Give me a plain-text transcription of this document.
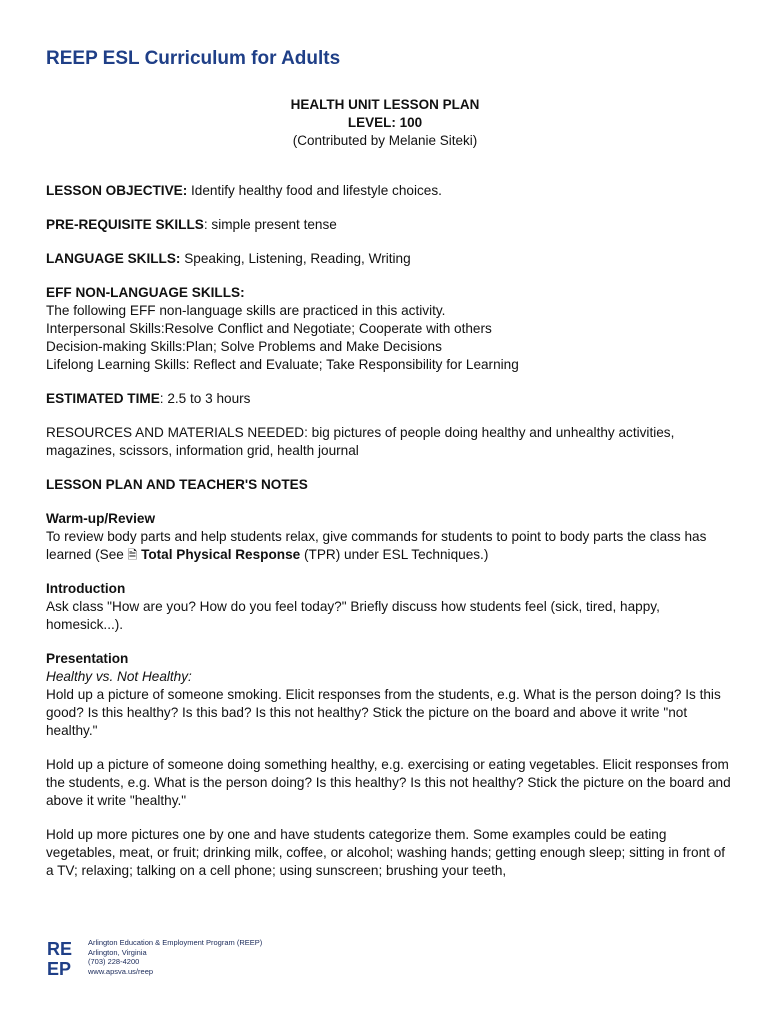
REEP ESL Curriculum for Adults
HEALTH UNIT LESSON PLAN
LEVEL: 100
(Contributed by Melanie Siteki)

LESSON OBJECTIVE: Identify healthy food and lifestyle choices.

PRE-REQUISITE SKILLS: simple present tense

LANGUAGE SKILLS: Speaking, Listening, Reading, Writing

EFF NON-LANGUAGE SKILLS:
The following EFF non-language skills are practiced in this activity.
Interpersonal Skills:Resolve Conflict and Negotiate; Cooperate with others
Decision-making Skills:Plan; Solve Problems and Make Decisions
Lifelong Learning Skills: Reflect and Evaluate; Take Responsibility for Learning

ESTIMATED TIME: 2.5 to 3 hours

RESOURCES AND MATERIALS NEEDED: big pictures of people doing healthy and unhealthy activities, magazines, scissors, information grid, health journal

LESSON PLAN AND TEACHER'S NOTES

Warm-up/Review
To review body parts and help students relax, give commands for students to point to body parts the class has learned (See 🗎 Total Physical Response (TPR) under ESL Techniques.)

Introduction
Ask class "How are you? How do you feel today?" Briefly discuss how students feel (sick, tired, happy, homesick...).

Presentation
Healthy vs. Not Healthy:
Hold up a picture of someone smoking. Elicit responses from the students, e.g. What is the person doing? Is this good? Is this healthy? Is this bad? Is this not healthy? Stick the picture on the board and above it write "not healthy."

Hold up a picture of someone doing something healthy, e.g. exercising or eating vegetables. Elicit responses from the students, e.g. What is the person doing? Is this healthy? Is this not healthy? Stick the picture on the board and above it write "healthy."

Hold up more pictures one by one and have students categorize them. Some examples could be eating vegetables, meat, or fruit; drinking milk, coffee, or alcohol; washing hands; getting enough sleep; sitting in front of a TV; relaxing; talking on a cell phone; using sunscreen; brushing your teeth,

RE
EP
Arlington Education & Employment Program (REEP)
Arlington, Virginia
(703) 228-4200
www.apsva.us/reep
